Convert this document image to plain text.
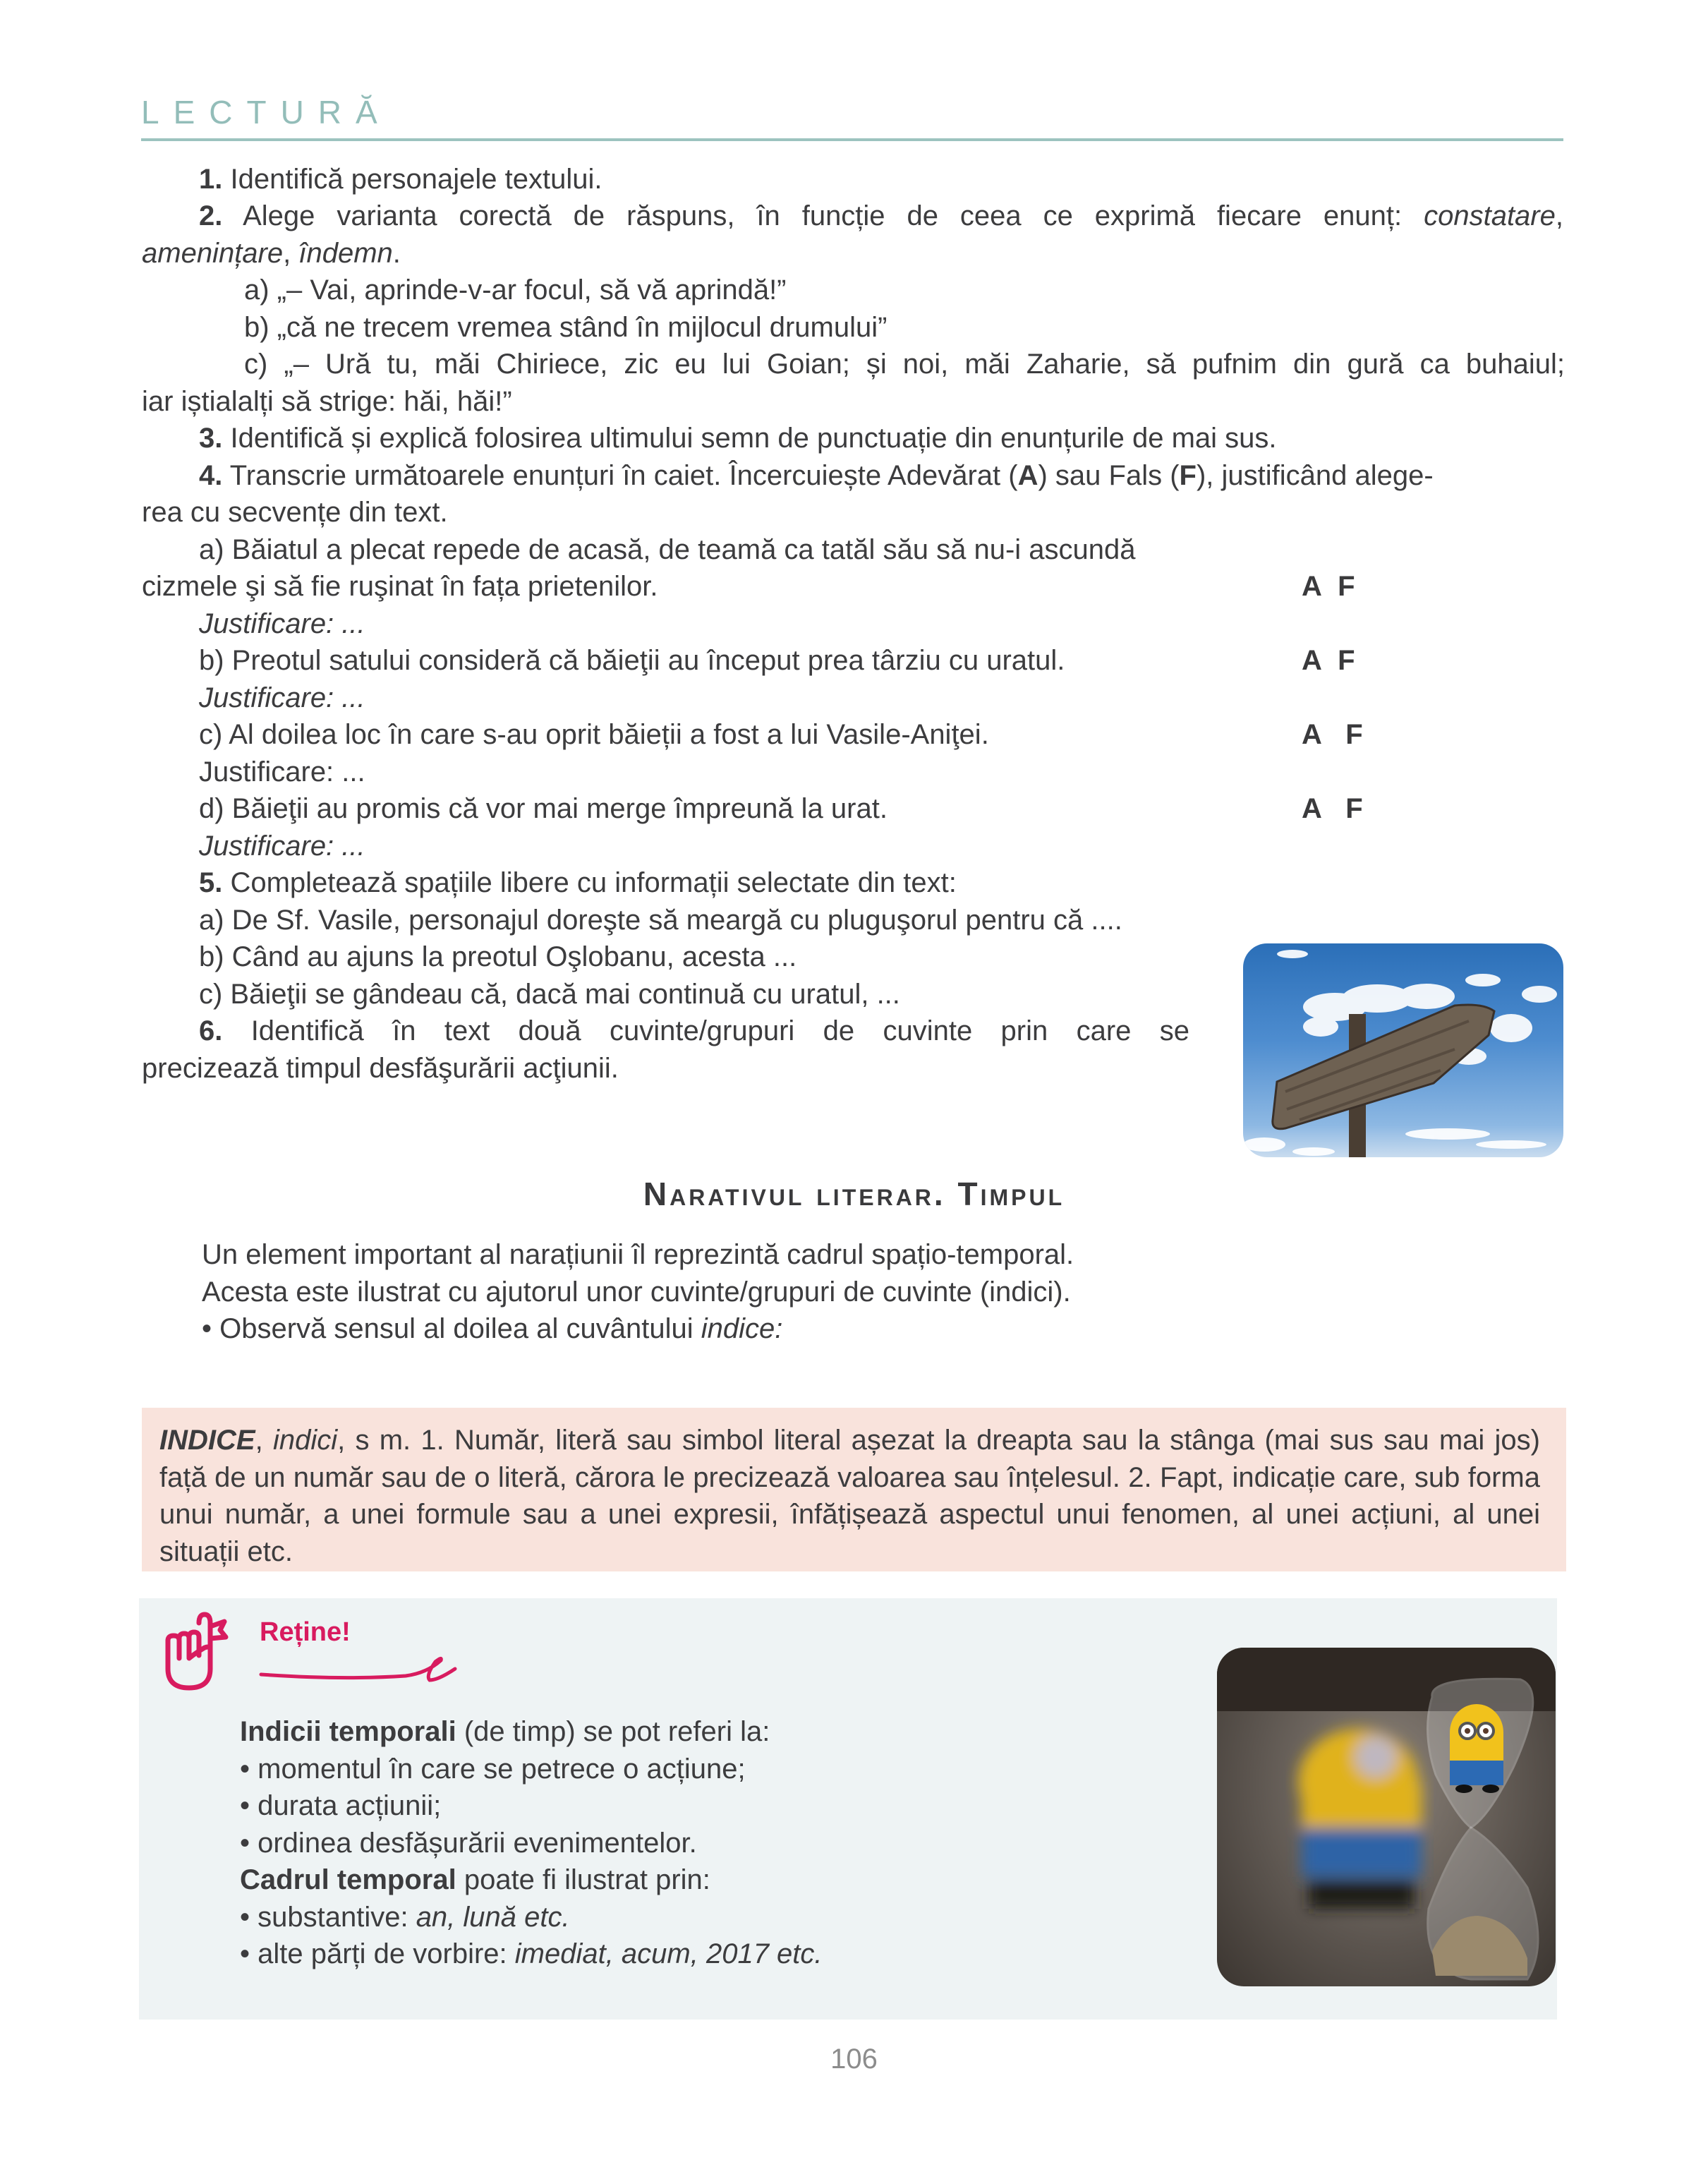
LECTURĂ
1. Identifică personajele textului.
2. Alege varianta corectă de răspuns, în funcție de ceea ce exprimă fiecare enunț: constatare,
amenințare, îndemn.
a) „– Vai, aprinde-v-ar focul, să vă aprindă!”
b) „că ne trecem vremea stând în mijlocul drumului”
c) „– Ură tu, măi Chiriece, zic eu lui Goian; și noi, măi Zaharie, să pufnim din gură ca buhaiul;
iar iștialalți să strige: hăi, hăi!”
3. Identifică și explică folosirea ultimului semn de punctuație din enunțurile de mai sus.
4. Transcrie următoarele enunțuri în caiet. Încercuiește Adevărat (A) sau Fals (F), justificând alege-
rea cu secvențe din text.
a) Băiatul a plecat repede de acasă, de teamă ca tatăl său să nu-i ascundă
cizmele şi să fie ruşinat în fața prietenilor.	A F
Justificare: ...
b) Preotul satului consideră că băieţii au început prea târziu cu uratul.	A F
Justificare: ...
c) Al doilea loc în care s-au oprit băieții a fost a lui Vasile-Aniţei.	A F
Justificare: ...
d) Băieţii au promis că vor mai merge împreună la urat.	A F
Justificare: ...
5. Completează spațiile libere cu informații selectate din text:
a) De Sf. Vasile, personajul doreşte să meargă cu pluguşorul pentru că ....
b) Când au ajuns la preotul Oşlobanu, acesta ...
c) Băieţii se gândeau că, dacă mai continuă cu uratul, ...
6. Identifică în text două cuvinte/grupuri de cuvinte prin care se
precizează timpul desfăşurării acţiunii.
Narativul literar. Timpul
Un element important al narațiunii îl reprezintă cadrul spațio-temporal.
Acesta este ilustrat cu ajutorul unor cuvinte/grupuri de cuvinte (indici).
• Observă sensul al doilea al cuvântului indice:
INDICE, indici, s m. 1. Număr, literă sau simbol literal așezat la dreapta sau la stânga (mai sus sau mai jos) față de un număr sau de o literă, cărora le precizează valoarea sau înțelesul. 2. Fapt, indicație care, sub forma unui număr, a unei formule sau a unei expresii, înfățișează aspectul unui fenomen, al unei acțiuni, al unei situații etc.
Reține!
Indicii temporali (de timp) se pot referi la:
• momentul în care se petrece o acțiune;
• durata acțiunii;
• ordinea desfășurării evenimentelor.
Cadrul temporal poate fi ilustrat prin:
• substantive: an, lună etc.
• alte părți de vorbire: imediat, acum, 2017 etc.
106
